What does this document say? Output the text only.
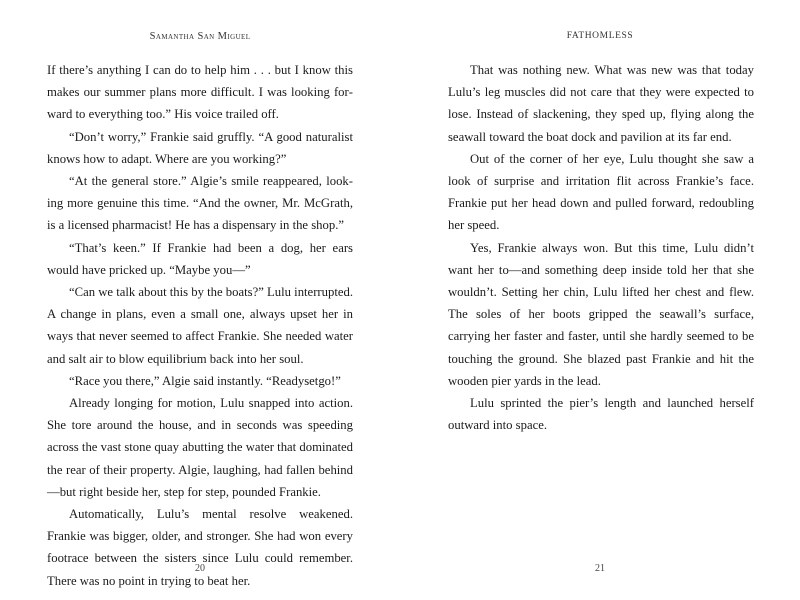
Samantha San Miguel

If there’s anything I can do to help him . . . but I know this makes our summer plans more difficult. I was looking forward to everything too.” His voice trailed off.

“Don’t worry,” Frankie said gruffly. “A good naturalist knows how to adapt. Where are you working?”

“At the general store.” Algie’s smile reappeared, looking more genuine this time. “And the owner, Mr. McGrath, is a licensed pharmacist! He has a dispensary in the shop.”

“That’s keen.” If Frankie had been a dog, her ears would have pricked up. “Maybe you—”

“Can we talk about this by the boats?” Lulu interrupted. A change in plans, even a small one, always upset her in ways that never seemed to affect Frankie. She needed water and salt air to blow equilibrium back into her soul.

“Race you there,” Algie said instantly. “Readysetgo!”

Already longing for motion, Lulu snapped into action. She tore around the house, and in seconds was speeding across the vast stone quay abutting the water that dominated the rear of their property. Algie, laughing, had fallen behind—but right beside her, step for step, pounded Frankie.

Automatically, Lulu’s mental resolve weakened. Frankie was bigger, older, and stronger. She had won every footrace between the sisters since Lulu could remember. There was no point in trying to beat her.

20
FATHOMLESS

That was nothing new. What was new was that today Lulu’s leg muscles did not care that they were expected to lose. Instead of slackening, they sped up, flying along the seawall toward the boat dock and pavilion at its far end.

Out of the corner of her eye, Lulu thought she saw a look of surprise and irritation flit across Frankie’s face. Frankie put her head down and pulled forward, redoubling her speed.

Yes, Frankie always won. But this time, Lulu didn’t want her to—and something deep inside told her that she wouldn’t. Setting her chin, Lulu lifted her chest and flew. The soles of her boots gripped the seawall’s surface, carrying her faster and faster, until she hardly seemed to be touching the ground. She blazed past Frankie and hit the wooden pier yards in the lead.

Lulu sprinted the pier’s length and launched herself outward into space.

21
